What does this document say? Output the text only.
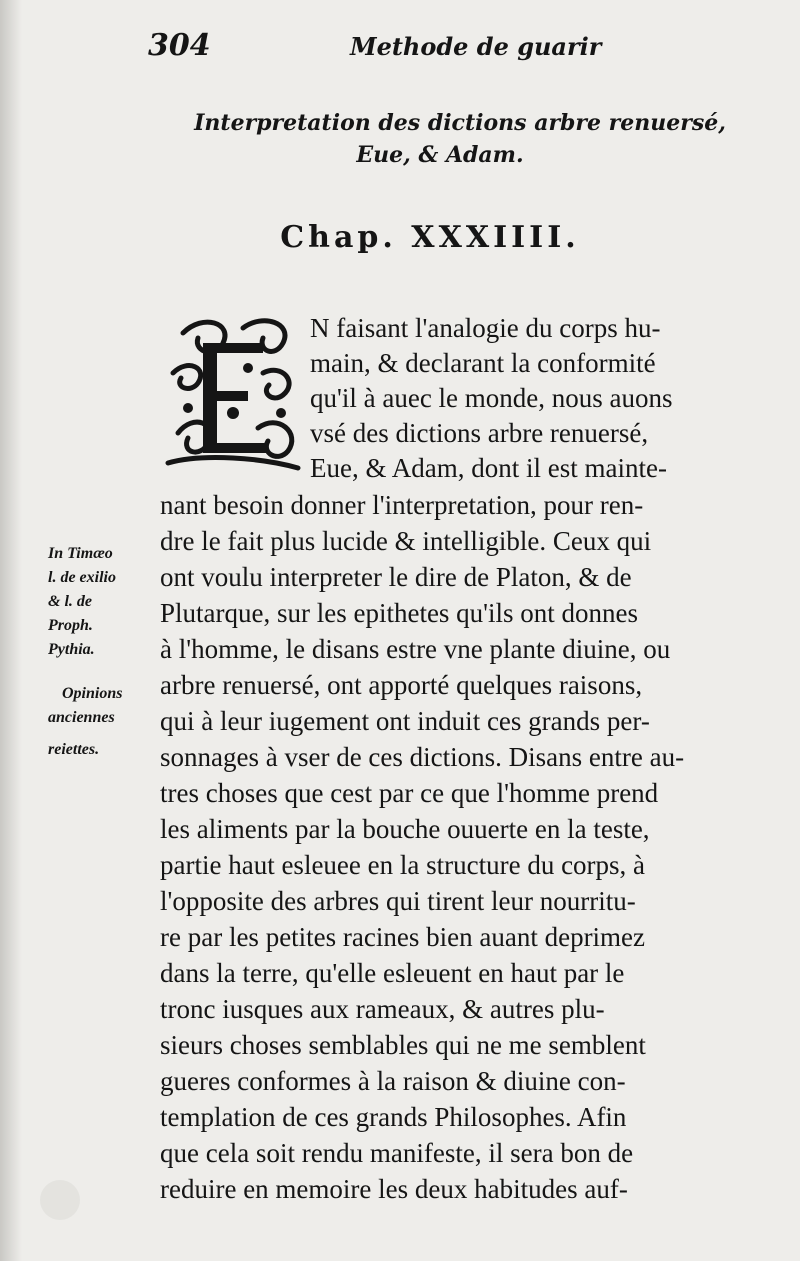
304	Methode de guarir
Interpretation des dictions arbre renuersé,
Eue, & Adam.
Chap. XXXIIII.
N faisant l'analogie du corps hu-
main, & declarant la conformité
qu'il à auec le monde, nous auons
vsé des dictions arbre renuersé,
Eue, & Adam, dont il est mainte-
nant besoin donner l'interpretation, pour ren-
dre le fait plus lucide & intelligible. Ceux qui
ont voulu interpreter le dire de Platon, & de
Plutarque, sur les epithetes qu'ils ont donnes
à l'homme, le disans estre vne plante diuine, ou
arbre renuersé, ont apporté quelques raisons,
qui à leur iugement ont induit ces grands per-
sonnages à vser de ces dictions. Disans entre au-
tres choses que cest par ce que l'homme prend
les aliments par la bouche ouuerte en la teste,
partie haut esleuee en la structure du corps, à
l'opposite des arbres qui tirent leur nourritu-
re par les petites racines bien auant deprimez
dans la terre, qu'elle esleuent en haut par le
tronc iusques aux rameaux, & autres plu-
sieurs choses semblables qui ne me semblent
gueres conformes à la raison & diuine con-
templation de ces grands Philosophes. Afin
que cela soit rendu manifeste, il sera bon de
reduire en memoire les deux habitudes auf-
In Timæo
l. de exilio
& l. de
Proph.
Pythia.
Opinions
anciennes
reiettes.
